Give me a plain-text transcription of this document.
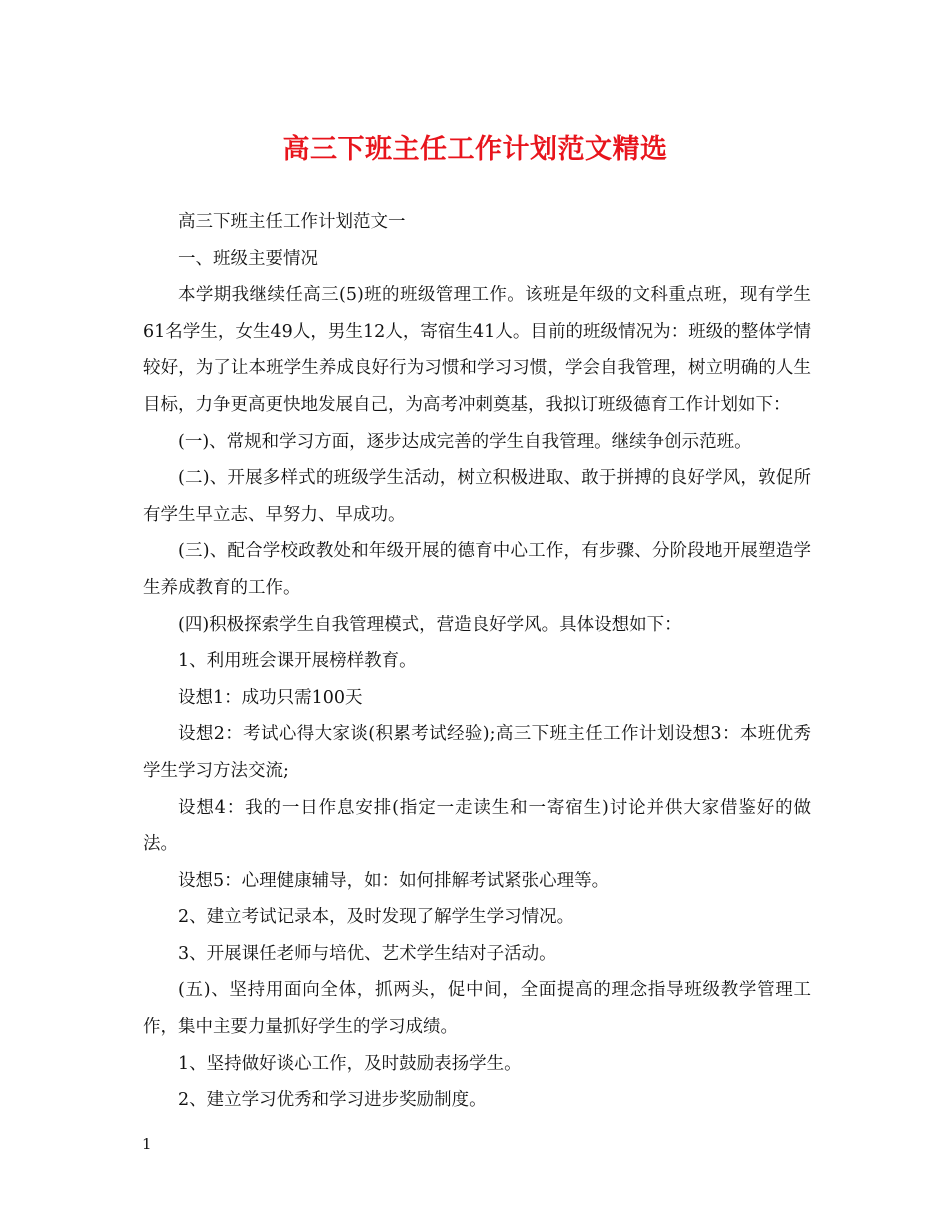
高三下班主任工作计划范文精选

高三下班主任工作计划范文一

一、班级主要情况

本学期我继续任高三(5)班的班级管理工作。该班是年级的文科重点班，现有学生61名学生，女生49人，男生12人，寄宿生41人。目前的班级情况为：班级的整体学情较好，为了让本班学生养成良好行为习惯和学习习惯，学会自我管理，树立明确的人生目标，力争更高更快地发展自己，为高考冲刺奠基，我拟订班级德育工作计划如下：

(一)、常规和学习方面，逐步达成完善的学生自我管理。继续争创示范班。

(二)、开展多样式的班级学生活动，树立积极进取、敢于拼搏的良好学风，敦促所有学生早立志、早努力、早成功。

(三)、配合学校政教处和年级开展的德育中心工作，有步骤、分阶段地开展塑造学生养成教育的工作。

(四)积极探索学生自我管理模式，营造良好学风。具体设想如下：

1、利用班会课开展榜样教育。

设想1：成功只需100天

设想2：考试心得大家谈(积累考试经验);高三下班主任工作计划设想3：本班优秀学生学习方法交流;

设想4：我的一日作息安排(指定一走读生和一寄宿生)讨论并供大家借鉴好的做法。

设想5：心理健康辅导，如：如何排解考试紧张心理等。

2、建立考试记录本，及时发现了解学生学习情况。

3、开展课任老师与培优、艺术学生结对子活动。

(五)、坚持用面向全体，抓两头，促中间，全面提高的理念指导班级教学管理工作，集中主要力量抓好学生的学习成绩。

1、坚持做好谈心工作，及时鼓励表扬学生。

2、建立学习优秀和学习进步奖励制度。

1
